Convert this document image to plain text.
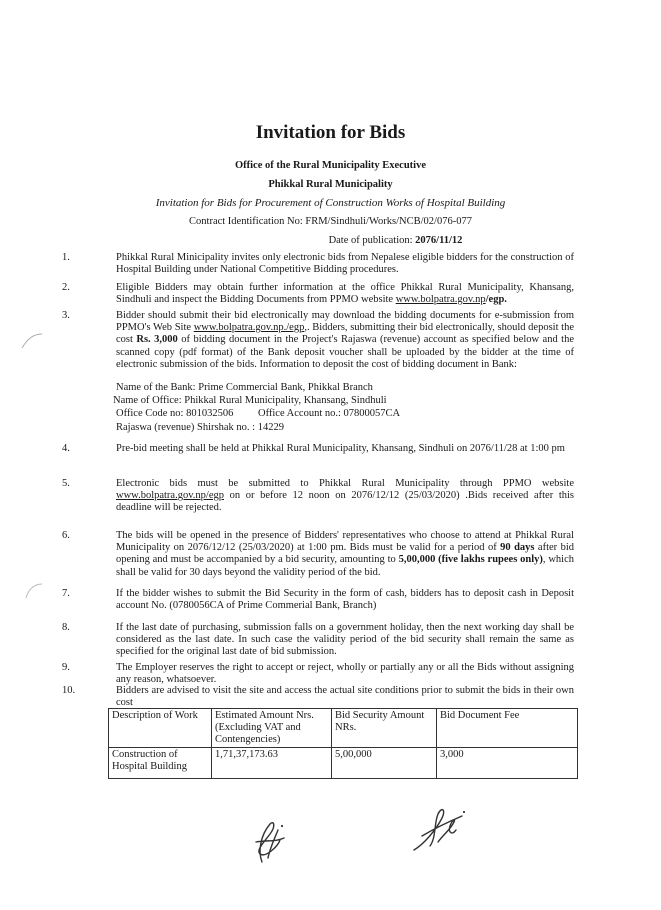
Invitation for Bids
Office of the Rural Municipality Executive
Phikkal Rural Municipality
Invitation for Bids for Procurement of Construction Works of Hospital Building
Contract Identification No: FRM/Sindhuli/Works/NCB/02/076-077
Date of publication: 2076/11/12
1.	Phikkal Rural Minicipality invites only electronic bids from Nepalese eligible bidders for the construction of Hospital Building under National Competitive Bidding procedures.
2.	Eligible Bidders may obtain further information at the office Phikkal Rural Municipality, Khansang, Sindhuli and inspect the Bidding Documents from PPMO website www.bolpatra.gov.np/egp.
3.	Bidder should submit their bid electronically may download the bidding documents for e-submission from PPMO's Web Site www.bolpatra.gov.np./egp,. Bidders, submitting their bid electronically, should deposit the cost Rs. 3,000 of bidding document in the Project's Rajaswa (revenue) account as specified below and the scanned copy (pdf format) of the Bank deposit voucher shall be uploaded by the bidder at the time of electronic submission of the bids. Information to deposit the cost of bidding document in Bank:
Name of the Bank: Prime Commercial Bank, Phikkal Branch
Name of Office: Phikkal Rural Municipality, Khansang, Sindhuli
Office Code no: 801032506 Office Account no.: 07800057CA
Rajaswa (revenue) Shirshak no. : 14229
4.	Pre-bid meeting shall be held at Phikkal Rural Municipality, Khansang, Sindhuli on 2076/11/28 at 1:00 pm
5.	Electronic bids must be submitted to Phikkal Rural Municipality through PPMO website www.bolpatra.gov.np/egp on or before 12 noon on 2076/12/12 (25/03/2020) .Bids received after this deadline will be rejected.
6.	The bids will be opened in the presence of Bidders' representatives who choose to attend at Phikkal Rural Municipality on 2076/12/12 (25/03/2020) at 1:00 pm. Bids must be valid for a period of 90 days after bid opening and must be accompanied by a bid security, amounting to 5,00,000 (five lakhs rupees only), which shall be valid for 30 days beyond the validity period of the bid.
7.	If the bidder wishes to submit the Bid Security in the form of cash, bidders has to deposit cash in Deposit account No. (0780056CA of Prime Commerial Bank, Branch)
8.	If the last date of purchasing, submission falls on a government holiday, then the next working day shall be considered as the last date. In such case the validity period of the bid security shall remain the same as specified for the original last date of bid submission.
9.	The Employer reserves the right to accept or reject, wholly or partially any or all the Bids without assigning any reason, whatsoever.
10.	Bidders are advised to visit the site and access the actual site conditions prior to submit the bids in their own cost
Description of Work	Estimated Amount Nrs. (Excluding VAT and Contengencies)	Bid Security Amount NRs.	Bid Document Fee
Construction of Hospital Building	1,71,37,173.63	5,00,000	3,000
